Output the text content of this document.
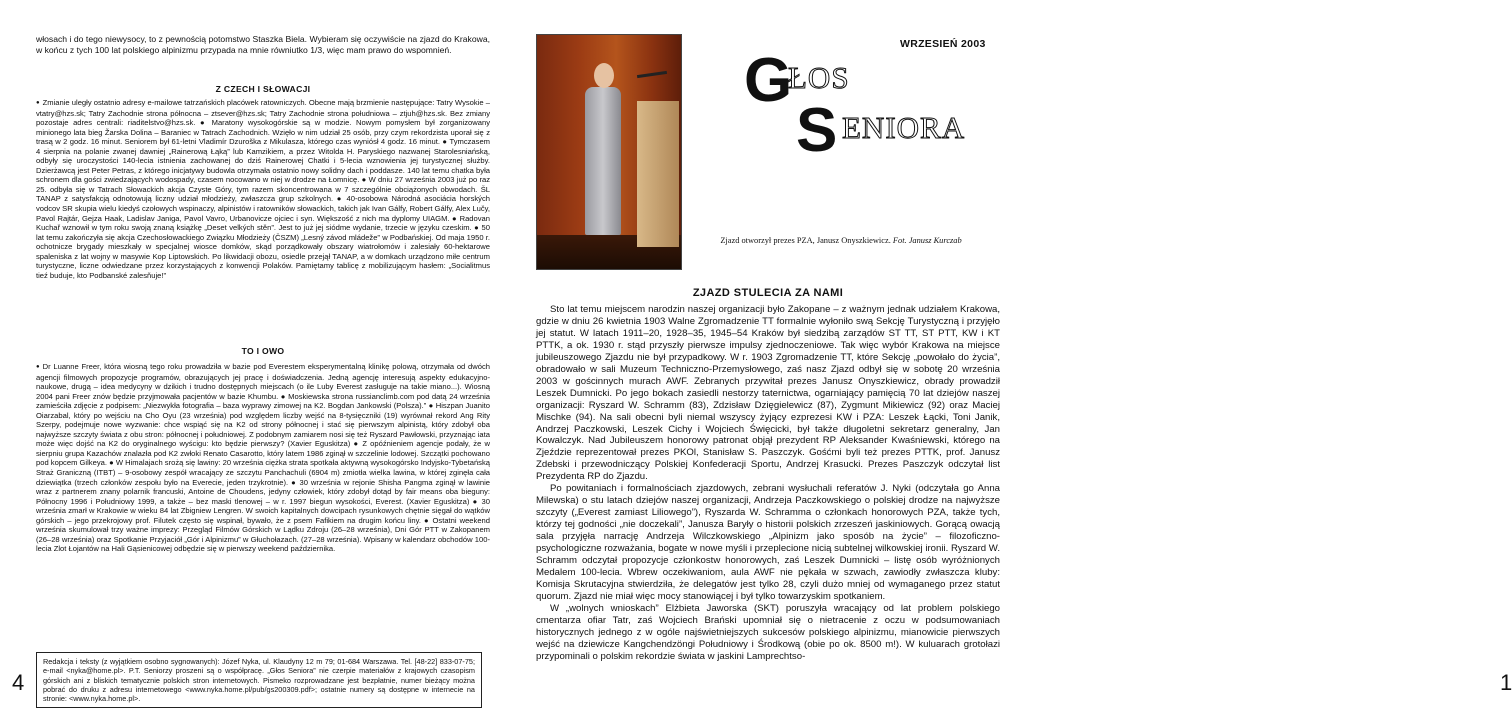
włosach i do tego niewysocy, to z pewnością potomstwo Staszka Biela. Wybieram się oczywiście na zjazd do Krakowa, w końcu z tych 100 lat polskiego alpinizmu przypada na mnie równiutko 1/3, więc mam prawo do wspomnień.

Z CZECH I SŁOWACJI

● Zmianie uległy ostatnio adresy e-mailowe tatrzańskich placówek ratowniczych. Obecne mają brzmienie następujące: Tatry Wysokie – vtatry@hzs.sk; Tatry Zachodnie strona północna – ztsever@hzs.sk; Tatry Zachodnie strona południowa – ztjuh@hzs.sk. Bez zmiany pozostaje adres centrali: riaditelstvo@hzs.sk. ● Maratony wysokogórskie są w modzie. Nowym pomysłem był zorganizowany minionego lata bieg Žarska Dolina – Baraniec w Tatrach Zachodnich. Wzięło w nim udział 25 osób, przy czym rekordzista uporał się z trasą w 2 godz. 16 minut. Seniorem był 61-letni Vladimír Dzuroška z Mikulasza, którego czas wyniósł 4 godz. 16 minut. ● Tymczasem 4 sierpnia na polanie zwanej dawniej „Rainerową Łąką” lub Kamzikiem, a przez Witolda H. Paryskiego nazwanej Starolesniańską, odbyły się uroczystości 140-lecia istnienia zachowanej do dziś Rainerowej Chatki i 5-lecia wznowienia jej turystycznej służby. Dzierżawcą jest Peter Petras, z którego inicjatywy budowla otrzymała ostatnio nowy solidny dach i poddasze. 140 lat temu chatka była schronem dla gości zwiedzających wodospady, czasem nocowano w niej w drodze na Łomnicę. ● W dniu 27 września 2003 już po raz 25. odbyła się w Tatrach Słowackich akcja Czyste Góry, tym razem skoncentrowana w 7 szczególnie obciążonych obwodach. ŠL TANAP z satysfakcją odnotowują liczny udział młodzieży, zwłaszcza grup szkolnych. ● 40-osobowa Národná asociácia horských vodcov SR skupia wielu kiedyś czołowych wspinaczy, alpinistów i ratowników słowackich, takich jak Ivan Gálfy, Robert Gálfy, Alex Lučy, Pavol Rajtár, Gejza Haak, Ladislav Janiga, Pavol Vavro, Urbanovicze ojciec i syn. Większość z nich ma dyplomy UIAGM. ● Radovan Kuchař wznowił w tym roku swoją znaną książkę „Deset velkých stěn”. Jest to już jej siódme wydanie, trzecie w języku czeskim. ● 50 lat temu zakończyła się akcja Czechosłowackiego Związku Młodzieży (ČSZM) „Lesný závod mládeže” w Podbańskiej. Od maja 1950 r. ochotnicze brygady mieszkały w specjalnej wiosce domków, skąd porządkowały obszary wiatrołomów i zalesiały 60-hektarowe spaleniska z lat wojny w masywie Kop Liptowskich. Po likwidacji obozu, osiedle przejął TANAP, a w domkach urządzono miłe centrum turystyczne, liczne odwiedzane przez korzystających z konwencji Polaków. Pamiętamy tablicę z mobilizującym hasłem: „Socialitmus tieź buduje, kto Podbanské zalesňuje!”

TO I OWO

● Dr Luanne Freer, która wiosną tego roku prowadziła w bazie pod Everestem eksperymentalną klinikę polową, otrzymała od dwóch agencji filmowych propozycje programów, obrazujących jej pracę i doświadczenia. Jedną agencję interesują aspekty edukacyjno-naukowe, drugą – idea medycyny w dzikich i trudno dostępnych miejscach (o ile Luby Everest zasługuje na takie miano...). Wiosną 2004 pani Freer znów będzie przyjmowała pacjentów w bazie Khumbu. ● Moskiewska strona russianclimb.com pod datą 24 września zamieściła zdjęcie z podpisem: „Niezwykła fotografia – baza wyprawy zimowej na K2. Bogdan Jankowski (Polsza).” ● Hiszpan Juanito Oiarzabal, który po wejściu na Cho Oyu (23 września) pod względem liczby wejść na 8-tysięczniki (19) wyrównał rekord Ang Rity Szerpy, podejmuje nowe wyzwanie: chce wspiąć się na K2 od strony północnej i stać się pierwszym alpinistą, który zdobył oba najwyższe szczyty świata z obu stron: północnej i południowej. Z podobnym zamiarem nosi się też Ryszard Pawłowski, przyznając iata może więc dojść na K2 do oryginalnego wyścigu: kto będzie pierwszy? (Xavier Eguskitza) ● Z opóźnieniem agencje podały, że w sierpniu grupa Kazachów znalazła pod K2 zwłoki Renato Casarotto, który latem 1986 zginął w szczelinie lodowej. Szczątki pochowano pod kopcem Gilkeya. ● W Himalajach srożą się lawiny: 20 września ciężka strata spotkała aktywną wysokogórsko Indyjsko-Tybetańską Straż Graniczną (ITBT) – 9-osobowy zespół wracający ze szczytu Panchachuli (6904 m) zmiotła wielka lawina, w której zginęła cała dziewiątka (trzech członków zespołu było na Everecie, jeden trzykrotnie). ● 30 września w rejonie Shisha Pangma zginął w lawinie wraz z partnerem znany polarnik francuski, Antoine de Choudens, jedyny człowiek, który zdobył dotąd by fair means oba bieguny: Północny 1996 i Południowy 1999, a także – bez maski tlenowej – w r. 1997 biegun wysokości, Everest. (Xavier Eguskitza) ● 30 września zmarł w Krakowie w wieku 84 lat Zbigniew Lengren. W swoich kapitalnych dowcipach rysunkowych chętnie sięgał do wątków górskich – jego przekrojowy prof. Filutek często się wspinał, bywało, że z psem Fafikiem na drugim końcu liny. ● Ostatni weekend września skumulował trzy ważne imprezy: Przegląd Filmów Górskich w Lądku Zdroju (26–28 września), Dni Gór PTT w Zakopanem (26–28 września) oraz Spotkanie Przyjaciół „Gór i Alpinizmu” w Głuchołazach. (27–28 września). Wpisany w kalendarz obchodów 100-lecia Zlot Łojantów na Hali Gąsienicowej odbędzie się w pierwszy weekend października.

Redakcja i teksty (z wyjątkiem osobno sygnowanych): Józef Nyka, ul. Klaudyny 12 m 79; 01-684 Warszawa. Tel. [48-22] 833-07-75; e-mail <nyka@home.pl>. P.T. Seniorzy proszeni są o współpracę. „Głos Seniora” nie czerpie materiałów z krajowych czasopism górskich ani z bliskich tematycznie polskich stron internetowych. Pismeko rozprowadzane jest bezpłatnie, numer bieżący można pobrać do druku z adresu internetowego <www.nyka.home.pl/pub/gs200309.pdf>; ostatnie numery są dostępne w internecie na stronie: <www.nyka.home.pl>.
4
WRZESIEŃ 2003
G
ŁOS
S ENIORA
Zjazd otworzył prezes PZA, Janusz Onyszkiewicz. Fot. Janusz Kurczab
ZJAZD STULECIA ZA NAMI

Sto lat temu miejscem narodzin naszej organizacji było Zakopane – z ważnym jednak udziałem Krakowa, gdzie w dniu 26 kwietnia 1903 Walne Zgromadzenie TT formalnie wyłoniło swą Sekcję Turystyczną i przyjęło jej statut. W latach 1911–20, 1928–35, 1945–54 Kraków był siedzibą zarządów ST TT, ST PTT, KW i KT PTTK, a ok. 1930 r. stąd przyszły pierwsze impulsy zjednoczeniowe. Tak więc wybór Krakowa na miejsce jubileuszowego Zjazdu nie był przypadkowy. W r. 1903 Zgromadzenie TT, które Sekcję „powołało do życia”, obradowało w sali Muzeum Techniczno-Przemysłowego, zaś nasz Zjazd odbył się w sobotę 20 września 2003 w gościnnych murach AWF. Zebranych przywitał prezes Janusz Onyszkiewicz, obrady prowadził Leszek Dumnicki. Po jego bokach zasiedli nestorzy taternictwa, ogarniający pamięcią 70 lat dziejów naszej organizacji: Ryszard W. Schramm (83), Zdzisław Dzięgielewicz (87), Zygmunt Mikiewicz (92) oraz Maciej Mischke (94). Na sali obecni byli niemal wszyscy żyjący ezprezesi KW i PZA: Leszek Łącki, Toni Janik, Andrzej Paczkowski, Leszek Cichy i Wojciech Święcicki, był także długoletni sekretarz generalny, Jan Kowalczyk. Nad Jubileuszem honorowy patronat objął prezydent RP Aleksander Kwaśniewski, którego na Zjeździe reprezentował prezes PKOl, Stanisław S. Paszczyk. Gośćmi byli też prezes PTTK, prof. Janusz Zdebski i przewodniczący Polskiej Konfederacji Sportu, Andrzej Krasucki. Prezes Paszczyk odczytał list Prezydenta RP do Zjazdu.

Po powitaniach i formalnościach zjazdowych, zebrani wysłuchali referatów J. Nyki (odczytała go Anna Milewska) o stu latach dziejów naszej organizacji, Andrzeja Paczkowskiego o polskiej drodze na najwyższe szczyty („Everest zamiast Liliowego”), Ryszarda W. Schramma o członkach honorowych PZA, także tych, którzy tej godności „nie doczekali”, Janusza Baryły o historii polskich zrzeszeń jaskiniowych. Gorącą owacją sala przyjęła narrację Andrzeja Wilczkowskiego „Alpinizm jako sposób na życie” – filozoficzno-psychologiczne rozważania, bogate w nowe myśli i przeplecione nicią subtelnej wilkowskiej ironii. Ryszard W. Schramm odczytał propozycje członkostw honorowych, zaś Leszek Dumnicki – listę osób wyróżnionych Medalem 100-lecia. Wbrew oczekiwaniom, aula AWF nie pękała w szwach, zawiodły zwłaszcza kluby: Komisja Skrutacyjna stwierdziła, że delegatów jest tylko 28, czyli dużo mniej od wymaganego przez statut quorum. Zjazd nie miał więc mocy stanowiącej i był tylko towarzyskim spotkaniem.

W „wolnych wnioskach” Elżbieta Jaworska (SKT) poruszyła wracający od lat problem polskiego cmentarza ofiar Tatr, zaś Wojciech Brański upomniał się o nietracenie z oczu w podsumowaniach historycznych jednego z w ogóle najświetniejszych sukcesów polskiego alpinizmu, mianowicie pierwszych wejść na dziewicze Kangchendzöngi Południowy i Środkową (obie po ok. 8500 m!). W kuluarach grotołazi przypominali o polskim rekordzie świata w jaskini Lamprechtso-

1
